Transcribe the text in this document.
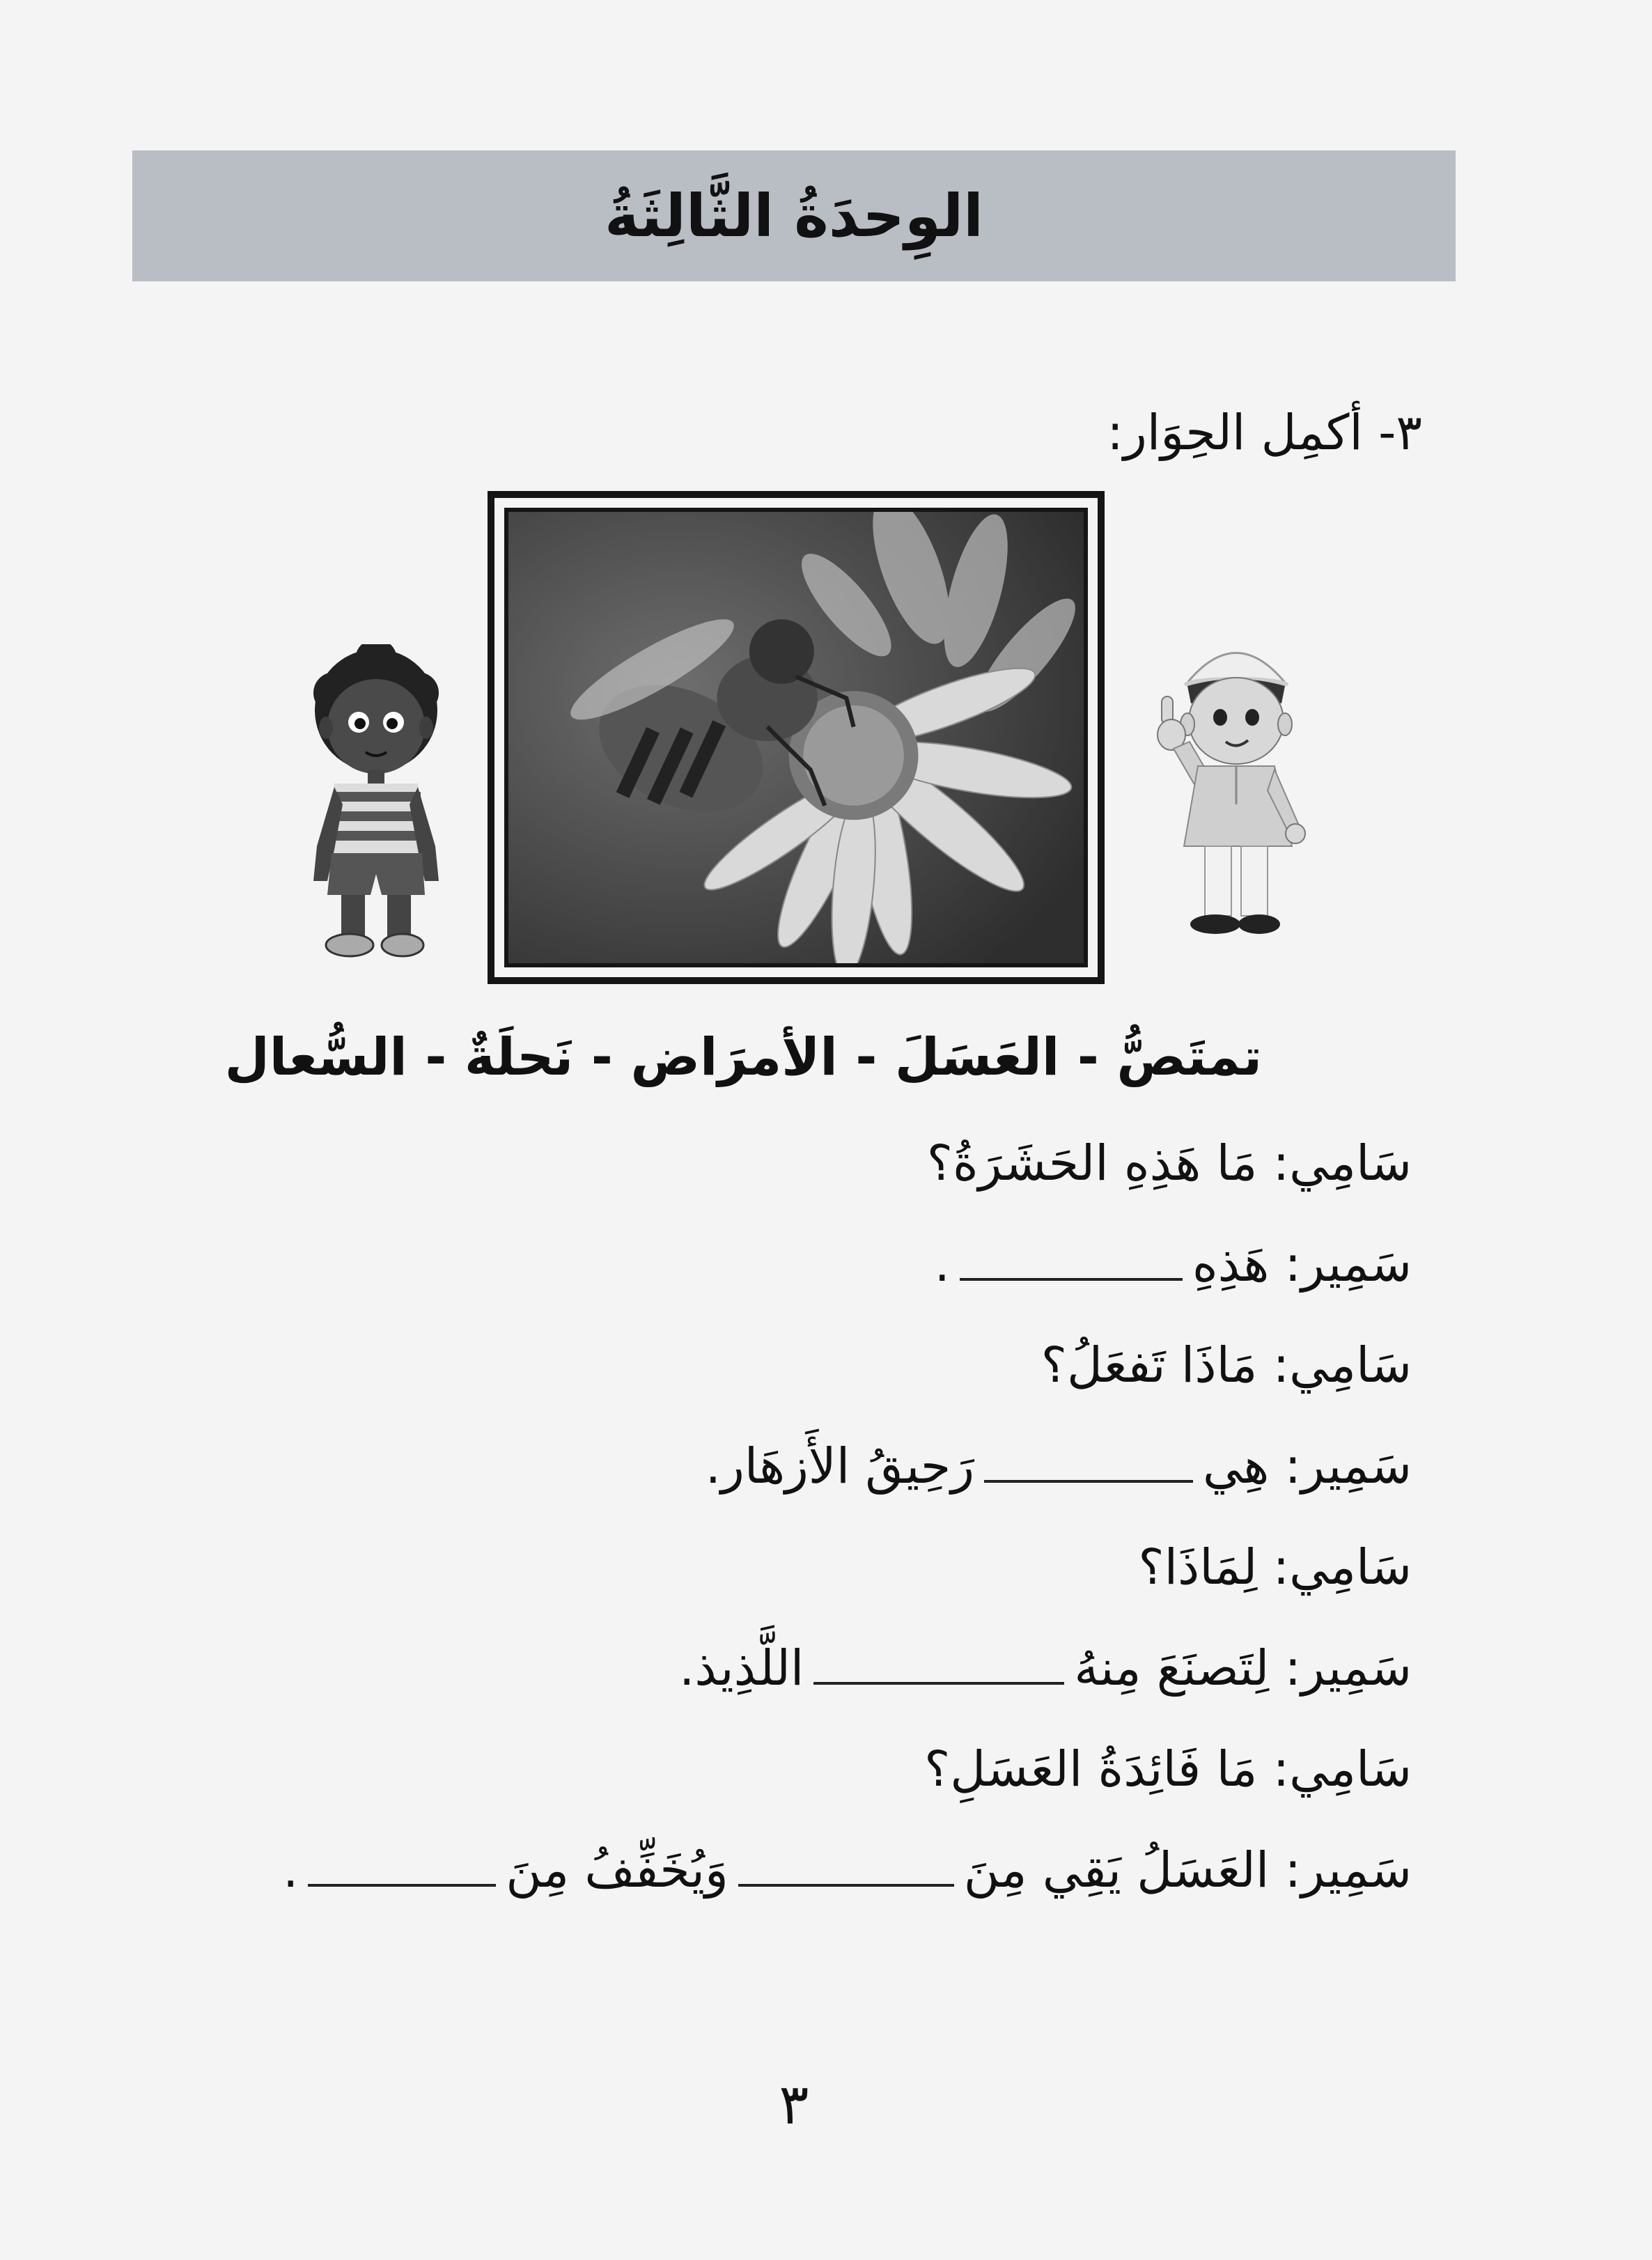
الوِحدَةُ الثَّالِثَةُ
٣- أكمِل الحِوَار:
تمتَصُّ - العَسَلَ - الأمرَاض - نَحلَةٌ - السُّعال
سَامِي: مَا هَذِهِ الحَشَرَةُ؟
سَمِير: هَذِهِ.
سَامِي: مَاذَا تَفعَلُ؟
سَمِير: هِيرَحِيقُ الأَزهَار.
سَامِي: لِمَاذَا؟
سَمِير: لِتَصنَعَ مِنهُاللَّذِيذ.
سَامِي: مَا فَائِدَةُ العَسَلِ؟
سَمِير: العَسَلُ يَقِي مِنَوَيُخَفِّفُ مِنَ.
٣
